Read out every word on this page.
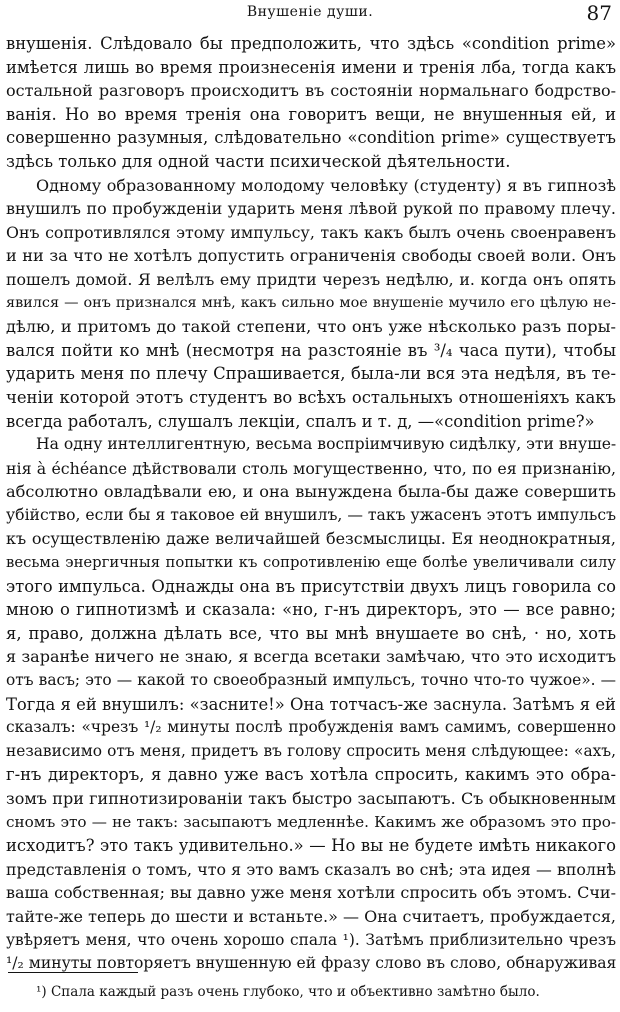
Внушеніе души.	87
внушенія. Слѣдовало бы предположить, что здѣсь «condition prime»
имѣется лишь во время произнесенія имени и тренія лба, тогда какъ
остальной разговоръ происходитъ въ состояніи нормальнаго бодрство-
ванія. Но во время тренія она говоритъ вещи, не внушенныя ей, и
совершенно разумныя, слѣдовательно «condition prime» существуетъ
здѣсь только для одной части психической дѣятельности.
Одному образованному молодому человѣку (студенту) я въ гипнозѣ
внушилъ по пробужденіи ударить меня лѣвой рукой по правому плечу.
Онъ сопротивлялся этому импульсу, такъ какъ былъ очень своенравенъ
и ни за что не хотѣлъ допустить ограниченія свободы своей воли. Онъ
пошелъ домой. Я велѣлъ ему придти черезъ недѣлю, и. когда онъ опять
явился — онъ признался мнѣ, какъ сильно мое внушеніе мучило его цѣлую не-
дѣлю, и притомъ до такой степени, что онъ уже нѣсколько разъ поры-
вался пойти ко мнѣ (несмотря на разстояніе въ ³/₄ часа пути), чтобы
ударить меня по плечу Спрашивается, была-ли вся эта недѣля, въ те-
ченіи которой этотъ студентъ во всѣхъ остальныхъ отношеніяхъ какъ
всегда работалъ, слушалъ лекціи, спалъ и т. д, —«condition prime?»
На одну интеллигентную, весьма воспріимчивую сидѣлку, эти внуше-
нія à échéance дѣйствовали столь могущественно, что, по ея признанію,
абсолютно овладѣвали ею, и она вынуждена была-бы даже совершить
убійство, если бы я таковое ей внушилъ, — такъ ужасенъ этотъ импульсъ
къ осуществленію даже величайшей безсмыслицы. Ея неоднократныя,
весьма энергичныя попытки къ сопротивленію еще болѣе увеличивали силу
этого импульса. Однажды она въ присутствіи двухъ лицъ говорила со
мною о гипнотизмѣ и сказала: «но, г-нъ директоръ, это — все равно;
я, право, должна дѣлать все, что вы мнѣ внушаете во снѣ, · но, хоть
я заранѣе ничего не знаю, я всегда всетаки замѣчаю, что это исходитъ
отъ васъ; это — какой то своеобразный импульсъ, точно что-то чужое». —
Тогда я ей внушилъ: «засните!» Она тотчасъ-же заснула. Затѣмъ я ей
сказалъ: «чрезъ ¹/₂ минуты послѣ пробужденія вамъ самимъ, совершенно
независимо отъ меня, придетъ въ голову спросить меня слѣдующее: «ахъ,
г-нъ директоръ, я давно уже васъ хотѣла спросить, какимъ это обра-
зомъ при гипнотизированіи такъ быстро засыпаютъ. Съ обыкновенным
сномъ это — не такъ: засыпаютъ медленнѣе. Какимъ же образомъ это про-
исходитъ? это такъ удивительно.» — Но вы не будете имѣть никакого
представленія о томъ, что я это вамъ сказалъ во снѣ; эта идея — вполнѣ
ваша собственная; вы давно уже меня хотѣли спросить объ этомъ. Счи-
тайте-же теперь до шести и встаньте.» — Она считаетъ, пробуждается,
увѣряетъ меня, что очень хорошо спала ¹). Затѣмъ приблизительно чрезъ
¹/₂ минуты повторяетъ внушенную ей фразу слово въ слово, обнаруживая
¹) Спала каждый разъ очень глубоко, что и объективно замѣтно было.
